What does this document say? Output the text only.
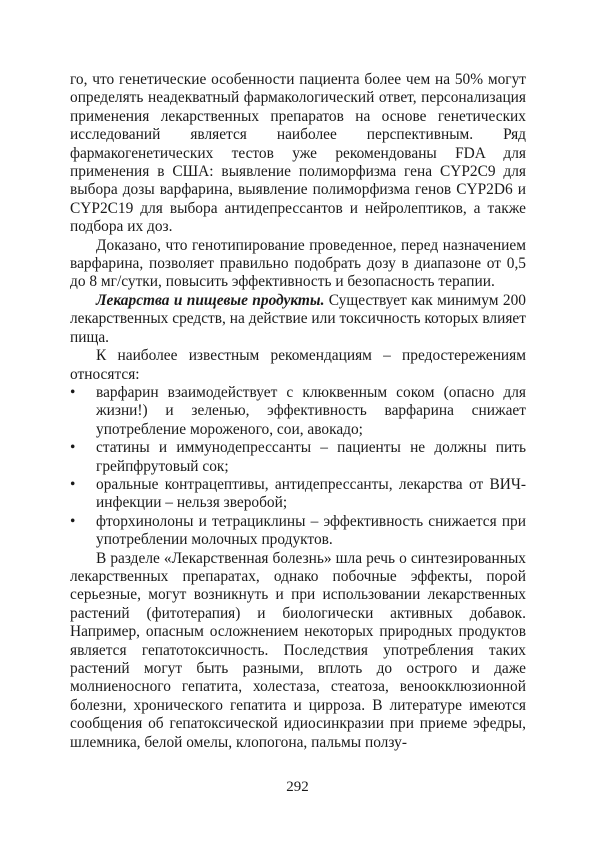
го, что генетические особенности пациента более чем на 50% могут определять неадекватный фармакологический ответ, персонализация применения лекарственных препаратов на основе генетических исследований является наиболее перспективным. Ряд фармакогенетических тестов уже рекомендованы FDA для применения в США: выявление полиморфизма гена CYP2C9 для выбора дозы варфарина, выявление полиморфизма генов CYP2D6 и CYP2C19 для выбора антидепрессантов и нейролептиков, а также подбора их доз.

Доказано, что генотипирование проведенное, перед назначением варфарина, позволяет правильно подобрать дозу в диапазоне от 0,5 до 8 мг/сутки, повысить эффективность и безопасность терапии.

Лекарства и пищевые продукты. Существует как минимум 200 лекарственных средств, на действие или токсичность которых влияет пища.

К наиболее известным рекомендациям – предостережениям относятся:

• варфарин взаимодействует с клюквенным соком (опасно для жизни!) и зеленью, эффективность варфарина снижает употребление мороженого, сои, авокадо;
• статины и иммунодепрессанты – пациенты не должны пить грейпфрутовый сок;
• оральные контрацептивы, антидепрессанты, лекарства от ВИЧ-инфекции – нельзя зверобой;
• фторхинолоны и тетрациклины – эффективность снижается при употреблении молочных продуктов.

В разделе «Лекарственная болезнь» шла речь о синтезированных лекарственных препаратах, однако побочные эффекты, порой серьезные, могут возникнуть и при использовании лекарственных растений (фитотерапия) и биологически активных добавок. Например, опасным осложнением некоторых природных продуктов является гепатотоксичность. Последствия употребления таких растений могут быть разными, вплоть до острого и даже молниеносного гепатита, холестаза, стеатоза, веноокклюзионной болезни, хронического гепатита и цирроза. В литературе имеются сообщения об гепатоксической идиосинкразии при приеме эфедры, шлемника, белой омелы, клопогона, пальмы ползу-

292
